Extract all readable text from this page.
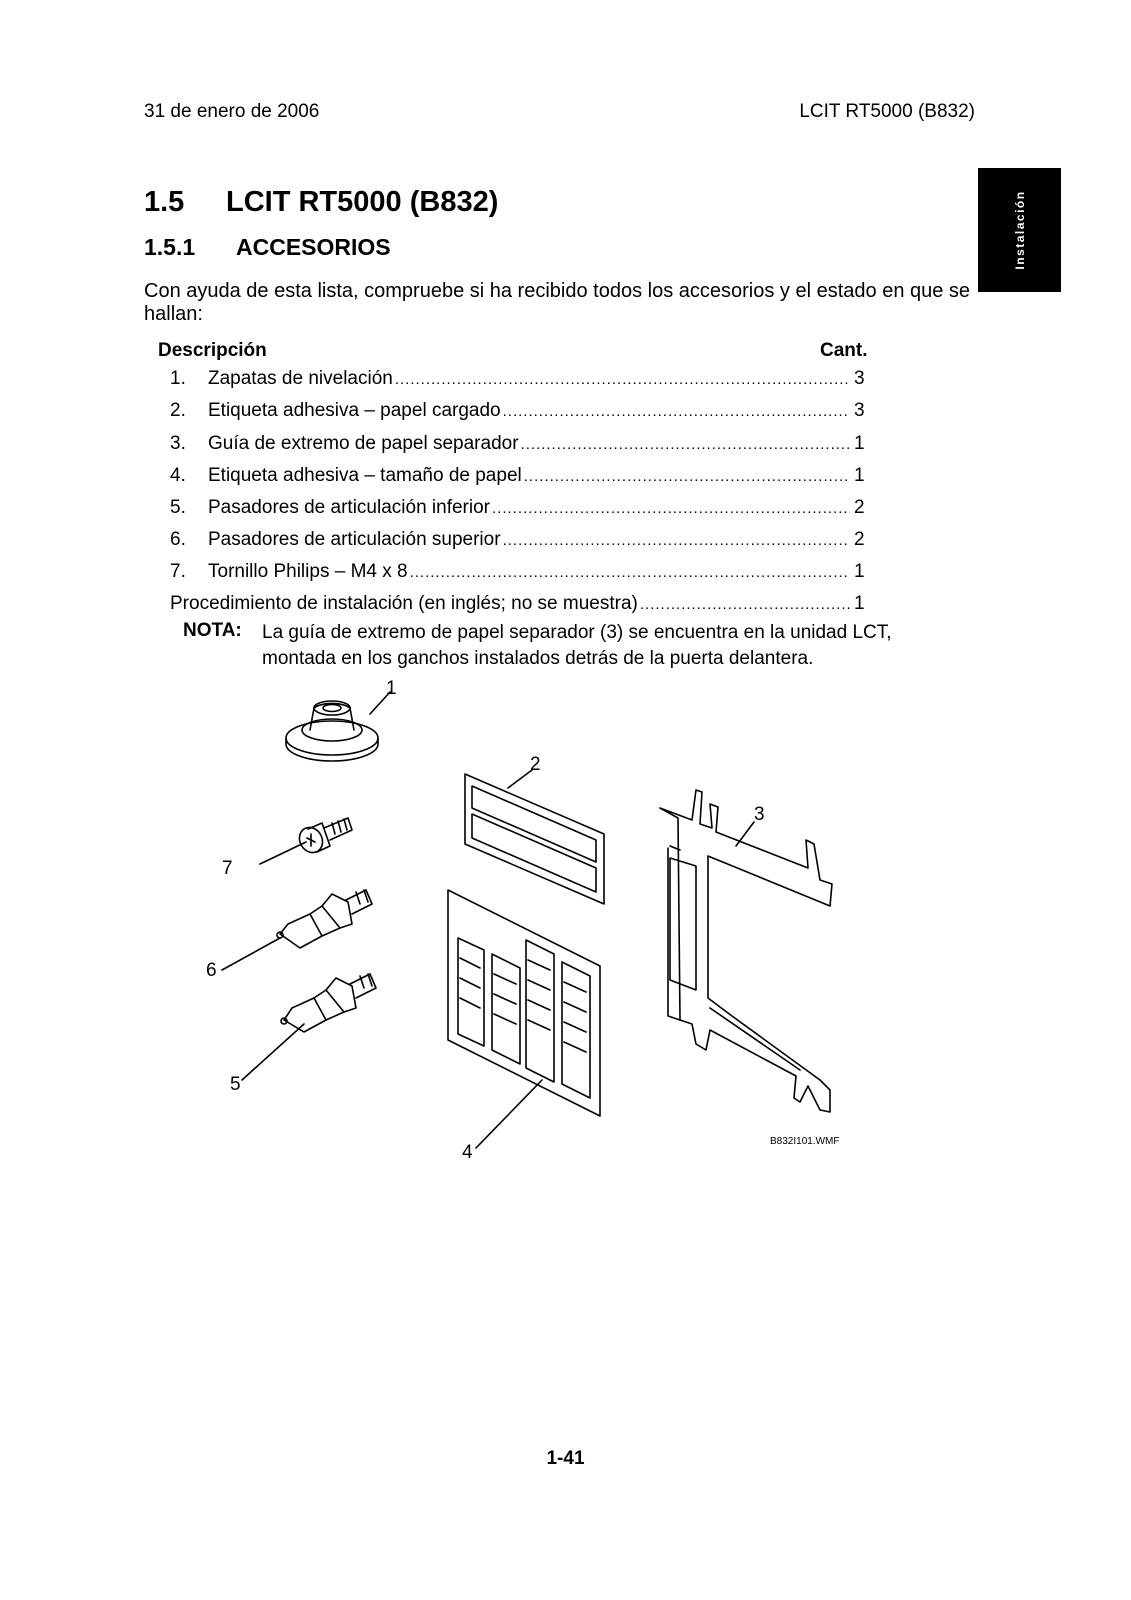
31 de enero de 2006	LCIT RT5000 (B832)
Instalación
1.5 LCIT RT5000 (B832)
1.5.1 ACCESORIOS
Con ayuda de esta lista, compruebe si ha recibido todos los accesorios y el estado en que se hallan:
Descripción	Cant.
1.	Zapatas de nivelación .....	3
2.	Etiqueta adhesiva – papel cargado .....	3
3.	Guía de extremo de papel separador .....	1
4.	Etiqueta adhesiva – tamaño de papel .....	1
5.	Pasadores de articulación inferior .....	2
6.	Pasadores de articulación superior .....	2
7.	Tornillo Philips – M4 x 8 .....	1
Procedimiento de instalación (en inglés; no se muestra) .....	1
NOTA: La guía de extremo de papel separador (3) se encuentra en la unidad LCT, montada en los ganchos instalados detrás de la puerta delantera.
1
2
3
4
5
6
7
B832I101.WMF
1-41
